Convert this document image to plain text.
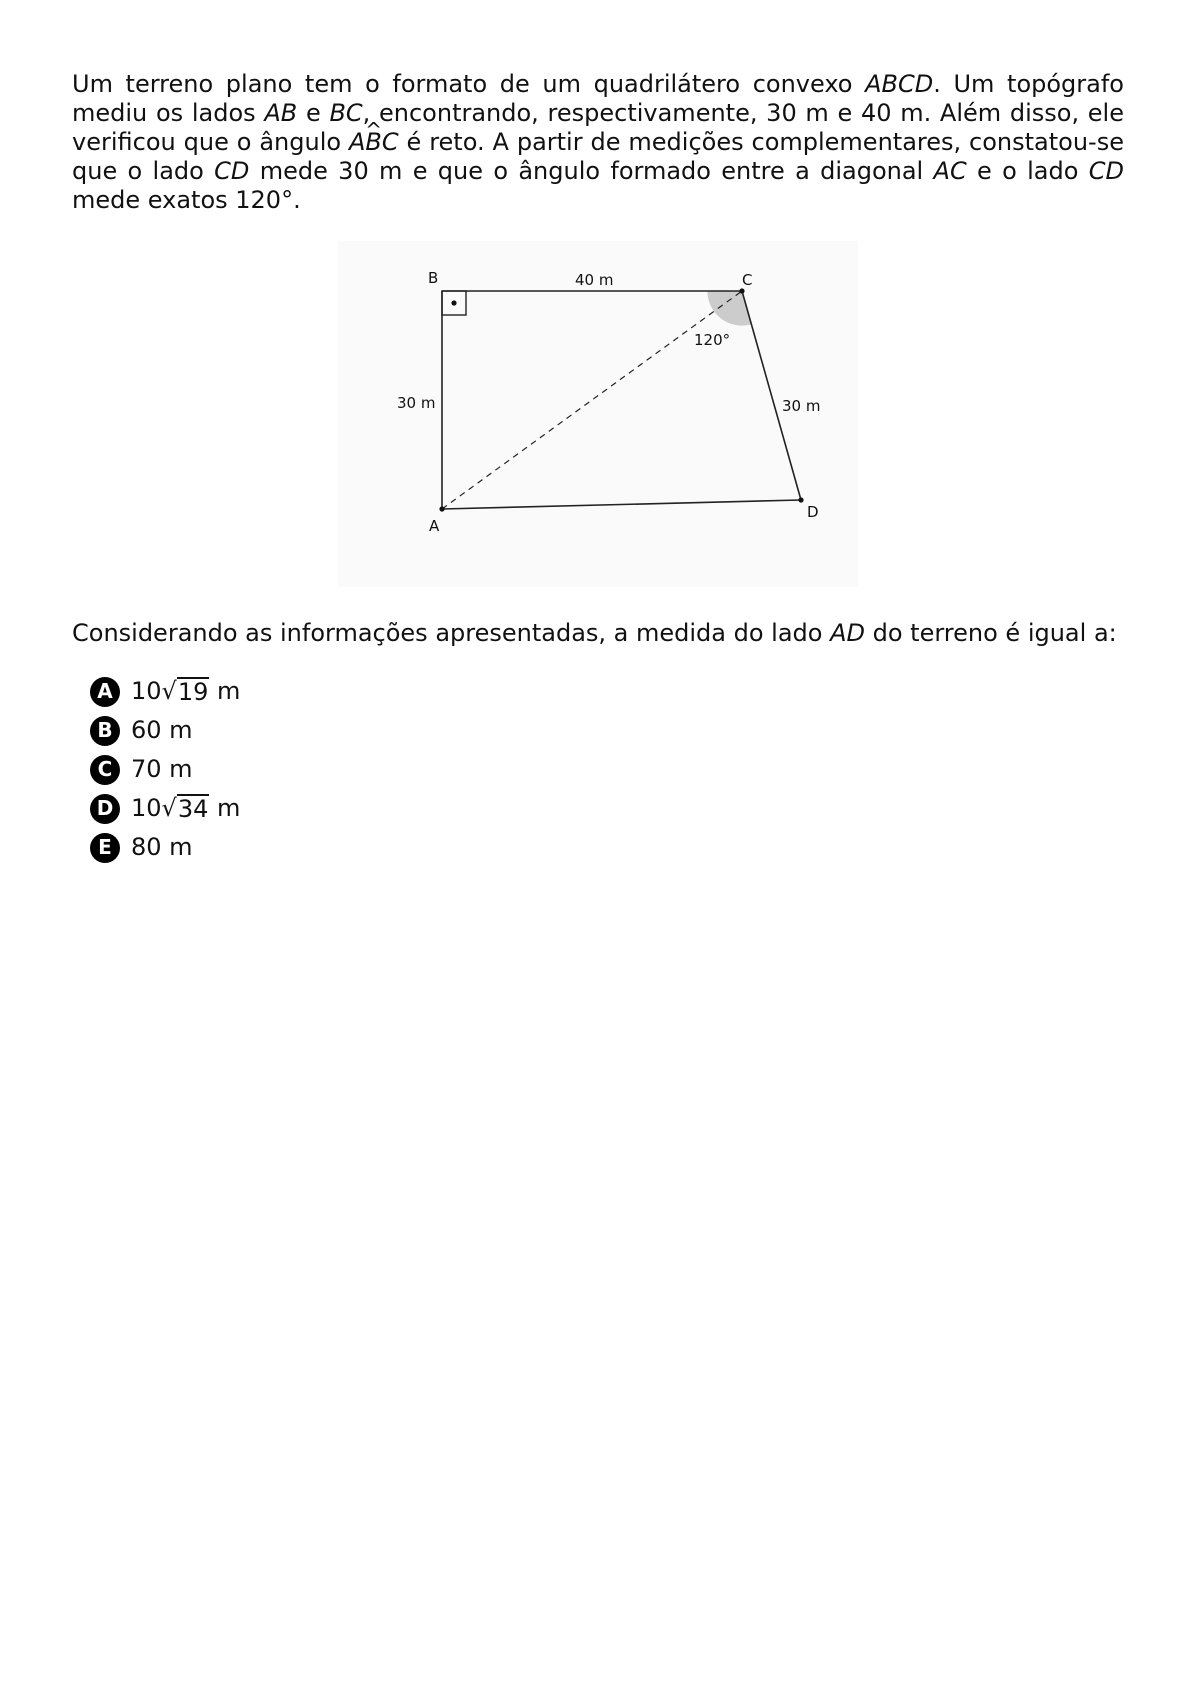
Um terreno plano tem o formato de um quadrilátero convexo ABCD. Um topógrafo mediu os lados AB e BC, encontrando, respectivamente, 30 m e 40 m. Além disso, ele verificou que o ângulo AB ^C é reto. A partir de medições complementares, constatou-se que o lado CD mede 30 m e que o ângulo formado entre a diagonal AC e o lado CD mede exatos 120°.

B	C
A
D
40 m
30 m	30 m
120°

Considerando as informações apresentadas, a medida do lado AD do terreno é igual a:

A 10 √ 19 m
B 60 m
C 70 m
D 10 √ 34 m
E 80 m
